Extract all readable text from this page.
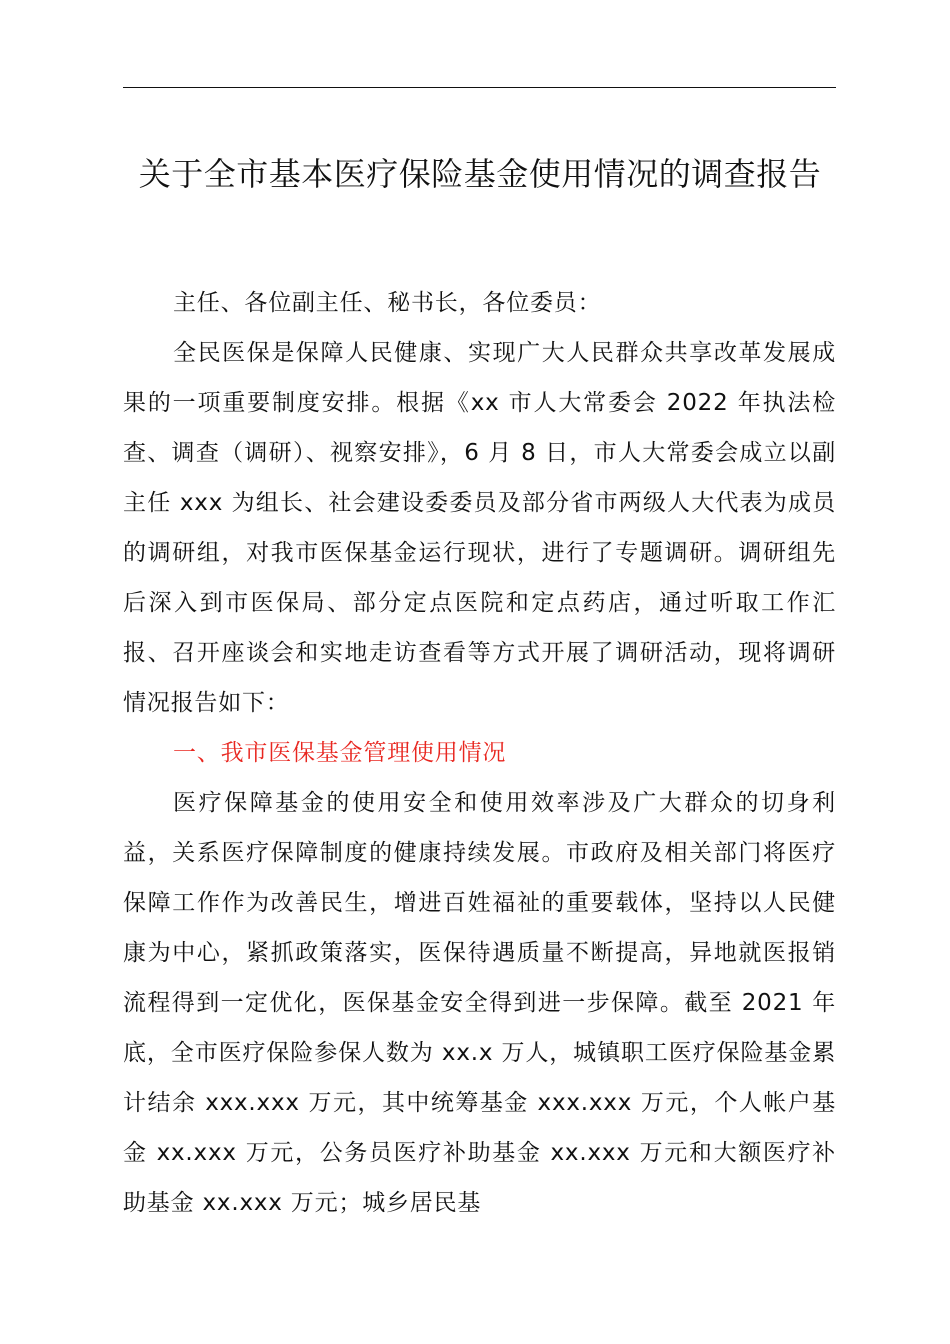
关于全市基本医疗保险基金使用情况的调查报告

主任、各位副主任、秘书长，各位委员：

全民医保是保障人民健康、实现广大人民群众共享改革发展成果的一项重要制度安排。根据《xx 市人大常委会 2022 年执法检查、调查（调研）、视察安排》，6 月 8 日，市人大常委会成立以副主任 xxx 为组长、社会建设委委员及部分省市两级人大代表为成员的调研组，对我市医保基金运行现状，进行了专题调研。调研组先后深入到市医保局、部分定点医院和定点药店，通过听取工作汇报、召开座谈会和实地走访查看等方式开展了调研活动，现将调研情况报告如下：

一、我市医保基金管理使用情况

医疗保障基金的使用安全和使用效率涉及广大群众的切身利益，关系医疗保障制度的健康持续发展。市政府及相关部门将医疗保障工作作为改善民生，增进百姓福祉的重要载体，坚持以人民健康为中心，紧抓政策落实，医保待遇质量不断提高，异地就医报销流程得到一定优化，医保基金安全得到进一步保障。截至 2021 年底，全市医疗保险参保人数为 xx.x 万人，城镇职工医疗保险基金累计结余 xxx.xxx 万元，其中统筹基金 xxx.xxx 万元，个人帐户基金 xx.xxx 万元，公务员医疗补助基金 xx.xxx 万元和大额医疗补助基金 xx.xxx 万元；城乡居民基
